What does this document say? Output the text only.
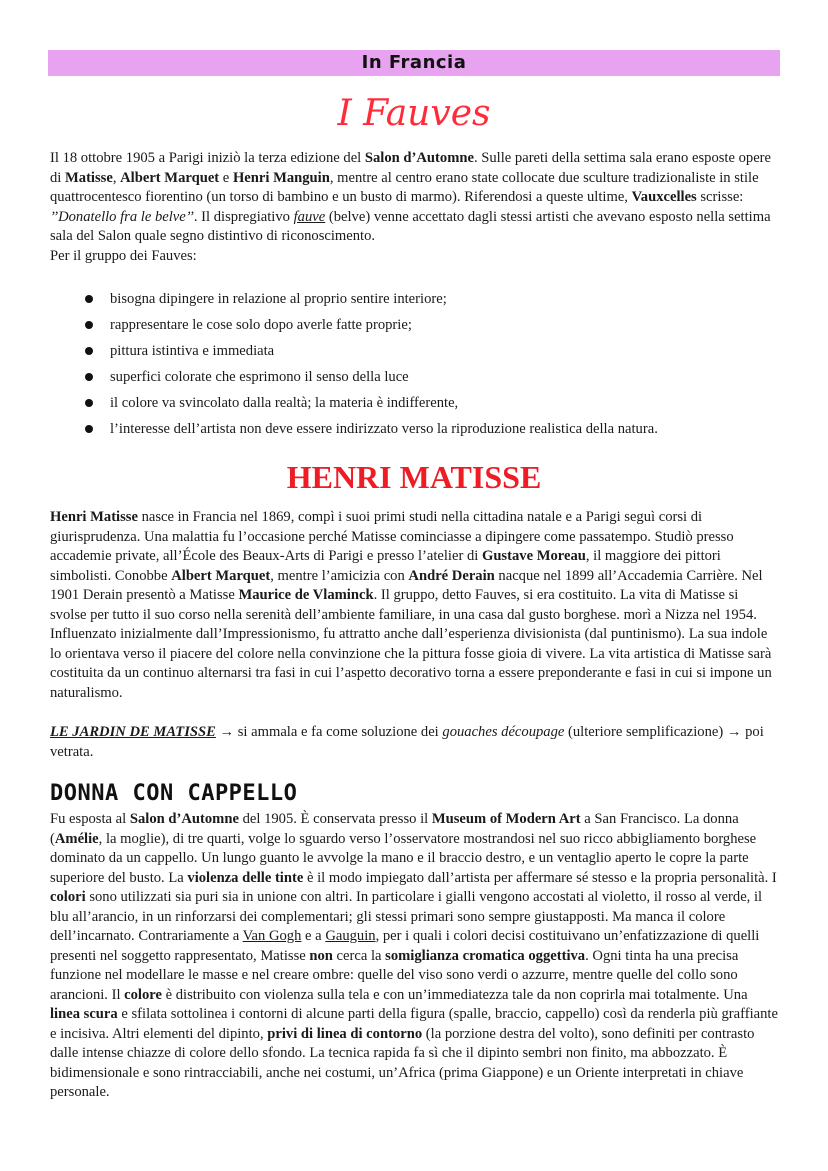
In Francia
I Fauves

Il 18 ottobre 1905 a Parigi iniziò la terza edizione del Salon d’Automne. Sulle pareti della settima sala erano esposte opere di Matisse, Albert Marquet e Henri Manguin, mentre al centro erano state collocate due sculture tradizionaliste in stile quattrocentesco fiorentino (un torso di bambino e un busto di marmo). Riferendosi a queste ultime, Vauxcelles scrisse: ’’Donatello fra le belve’’. Il dispregiativo fauve (belve) venne accettato dagli stessi artisti che avevano esposto nella settima sala del Salon quale segno distintivo di riconoscimento.
Per il gruppo dei Fauves:

bisogna dipingere in relazione al proprio sentire interiore;
rappresentare le cose solo dopo averle fatte proprie;
pittura istintiva e immediata
superfici colorate che esprimono il senso della luce
il colore va svincolato dalla realtà; la materia è indifferente,
l’interesse dell’artista non deve essere indirizzato verso la riproduzione realistica della natura.
HENRI MATISSE

Henri Matisse nasce in Francia nel 1869, compì i suoi primi studi nella cittadina natale e a Parigi seguì corsi di giurisprudenza. Una malattia fu l’occasione perché Matisse cominciasse a dipingere come passatempo. Studiò presso accademie private, all’École des Beaux-Arts di Parigi e presso l’atelier di Gustave Moreau, il maggiore dei pittori simbolisti. Conobbe Albert Marquet, mentre l’amicizia con André Derain nacque nel 1899 all’Accademia Carrière. Nel 1901 Derain presentò a Matisse Maurice de Vlaminck. Il gruppo, detto Fauves, si era costituito. La vita di Matisse si svolse per tutto il suo corso nella serenità dell’ambiente familiare, in una casa dal gusto borghese. morì a Nizza nel 1954.
Influenzato inizialmente dall’Impressionismo, fu attratto anche dall’esperienza divisionista (dal puntinismo). La sua indole lo orientava verso il piacere del colore nella convinzione che la pittura fosse gioia di vivere. La vita artistica di Matisse sarà costituita da un continuo alternarsi tra fasi in cui l’aspetto decorativo torna a essere preponderante e fasi in cui si impone un naturalismo.

LE JARDIN DE MATISSE → si ammala e fa come soluzione dei gouaches découpage (ulteriore semplificazione) → poi vetrata.

DONNA CON CAPPELLO

Fu esposta al Salon d’Automne del 1905. È conservata presso il Museum of Modern Art a San Francisco. La donna (Amélie, la moglie), di tre quarti, volge lo sguardo verso l’osservatore mostrandosi nel suo ricco abbigliamento borghese dominato da un cappello. Un lungo guanto le avvolge la mano e il braccio destro, e un ventaglio aperto le copre la parte superiore del busto. La violenza delle tinte è il modo impiegato dall’artista per affermare sé stesso e la propria personalità. I colori sono utilizzati sia puri sia in unione con altri. In particolare i gialli vengono accostati al violetto, il rosso al verde, il blu all’arancio, in un rinforzarsi dei complementari; gli stessi primari sono sempre giustapposti. Ma manca il colore dell’incarnato. Contrariamente a Van Gogh e a Gauguin, per i quali i colori decisi costituivano un’enfatizzazione di quelli presenti nel soggetto rappresentato, Matisse non cerca la somiglianza cromatica oggettiva. Ogni tinta ha una precisa funzione nel modellare le masse e nel creare ombre: quelle del viso sono verdi o azzurre, mentre quelle del collo sono arancioni. Il colore è distribuito con violenza sulla tela e con un’immediatezza tale da non coprirla mai totalmente. Una linea scura e sfilata sottolinea i contorni di alcune parti della figura (spalle, braccio, cappello) così da renderla più graffiante e incisiva. Altri elementi del dipinto, privi di linea di contorno (la porzione destra del volto), sono definiti per contrasto dalle intense chiazze di colore dello sfondo. La tecnica rapida fa sì che il dipinto sembri non finito, ma abbozzato. È bidimensionale e sono rintracciabili, anche nei costumi, un’Africa (prima Giappone) e un Oriente interpretati in chiave personale.
